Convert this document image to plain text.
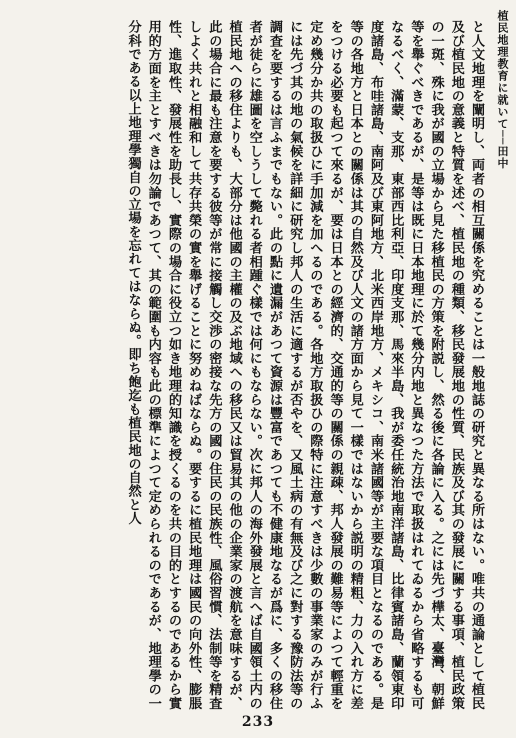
植民地理教育に就いて──田中

と人文地理を闡明し、両者の相互關係を究めることは一般地誌の研究と異なる所はない。唯共の通論として植民及び植民地の意義と特質を述べ、植民地の種類、移民發展地の性質、民族及び其の發展に關する事項、植民政策の一斑、殊に我が國の立場から見た移植民の方策を附説し、然る後に各論に入る。之には先づ樺太、臺灣、朝鮮等を舉ぐべきであるが、是等は既に日本地理に於て幾分内地と異なつた方法で取扱はれてゐるから省略するも可なるべく、滿蒙、支那、東部西比利亞、印度支那、馬來半島、我が委任統治地南洋諸島、比律賓諸島、蘭領東印度諸島、布哇諸島、南阿及び東阿地方、北米西岸地方、メキシコ、南米諸國等が主要な項目となるのである。是等の各地方と日本との關係は其の自然及び人文の諸方面から見て一樣ではないから説明の精粗、力の入れ方に差をつける必要も起つて來るが、要は日本との經濟的、交通的等の關係の親疎、邦人發展の難易等によつて輕重を定め幾分か共の取扱ひに手加減を加へるのである。各地方取扱ひの際特に注意すべきは少數の事業家のみが行ふには先づ其の地の氣候を詳細に研究し邦人の生活に適するが否やを、又風土病の有無及び之に對する豫防法等の調査を要するは言ふまでもない。此の點に遺漏があつて資源は豐富であつても不健康地なるが爲に、多くの移住者が徒らに雄圖を空しうして斃れる者相踵ぐ樣では何にもならない。次に邦人の海外發展と言へば自國領土内の植民地への移住よりも、大部分は他國の主權の及ぶ地域への移民又は貿易其の他の企業家の渡航を意味するが、此の場合に最も注意を要する彼等が常に接觸し交渉の密接な先方の國の住民の民族性、風俗習慣、法制等を精査しよく共れと相融和して共存共榮の實を舉げることに努めねばならぬ。要するに植民地理は國民の向外性、膨脹性、進取性、發展性を助長し、實際の場合に役立つ如き地理的知識を授くるのを共の目的とするのであるから實用的方面を主とすべきは勿論であつて、其の範圍も内容も此の標準によつて定められるのであるが、地理學の一分科である以上地理學獨自の立場を忘れてはならぬ。即ち飽迄も植民地の自然と人

233
